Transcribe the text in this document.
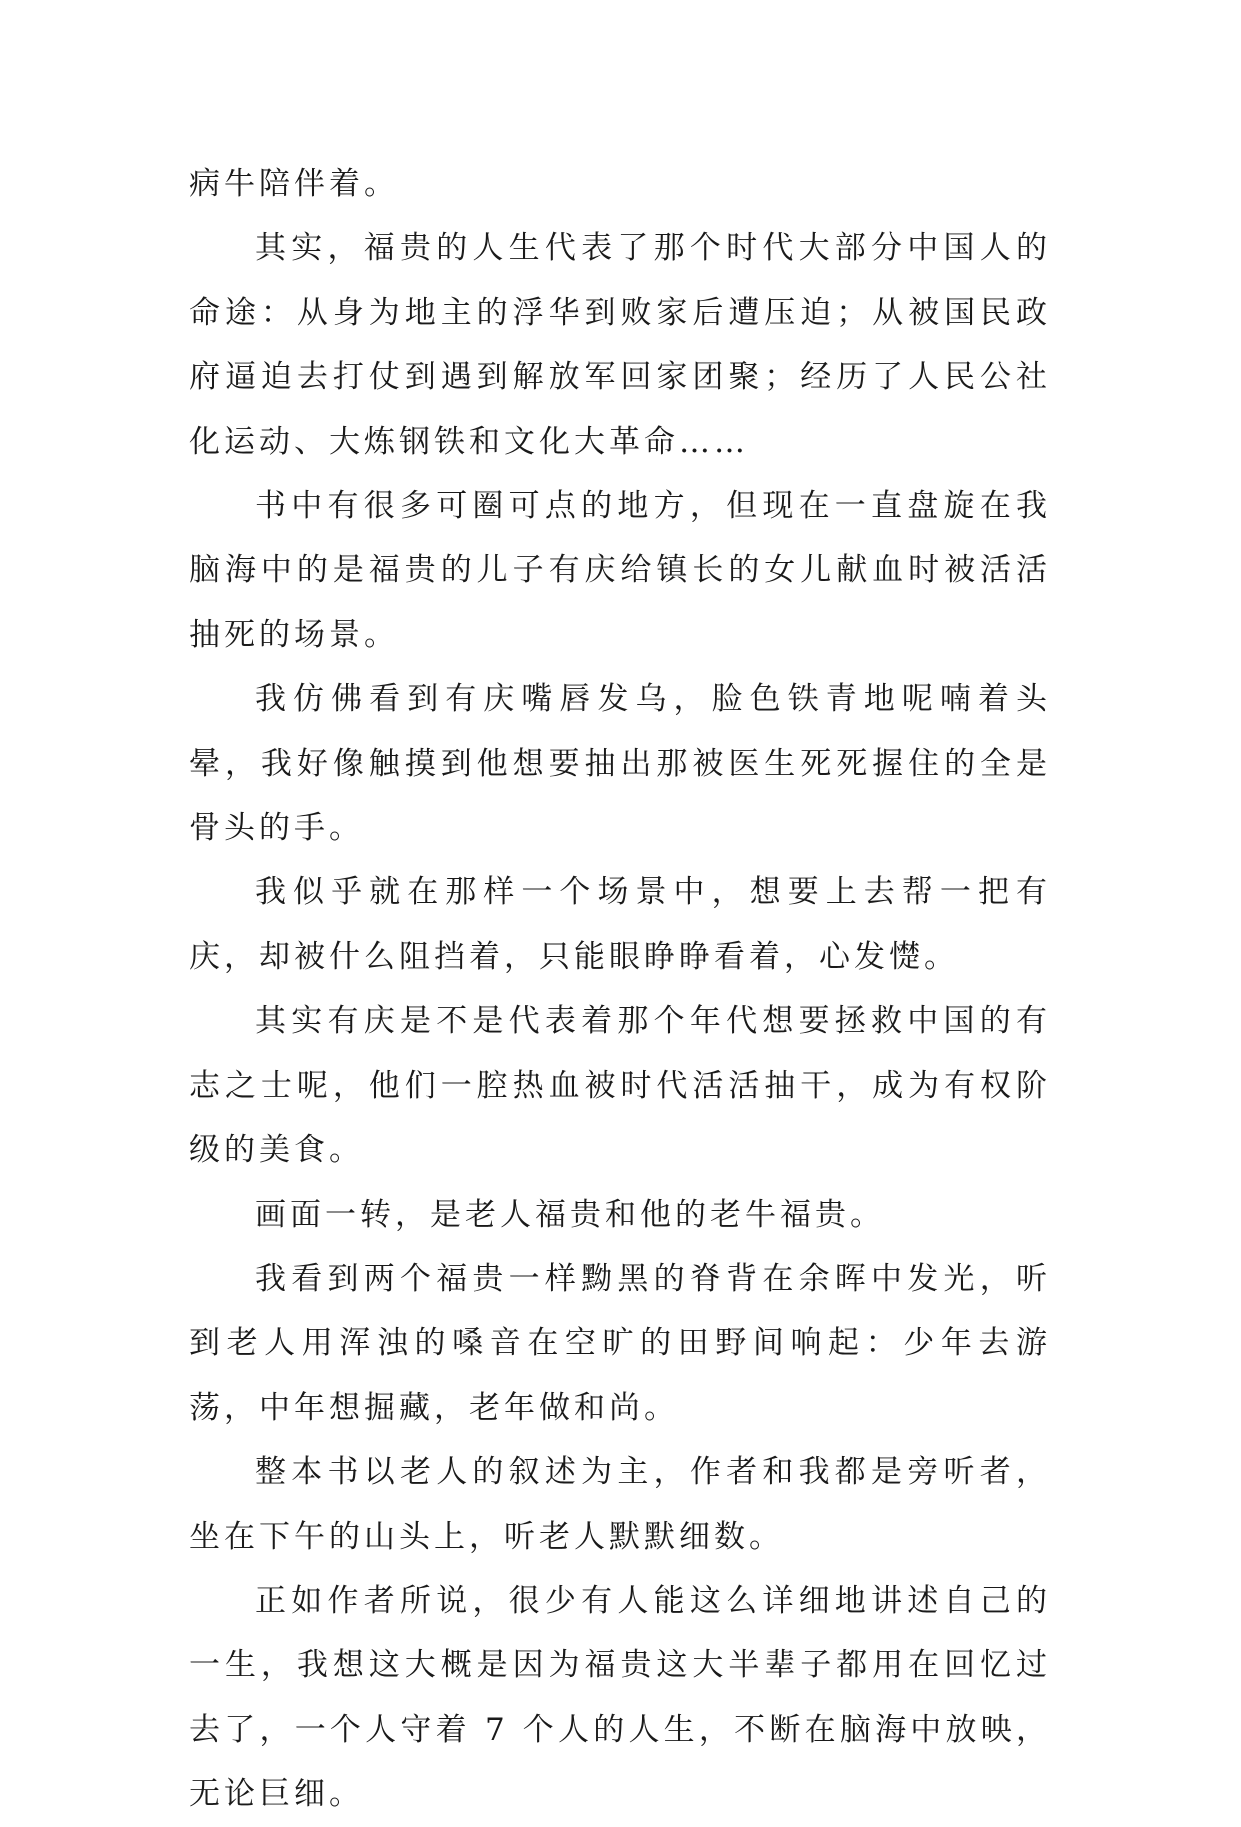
病牛陪伴着。

其实，福贵的人生代表了那个时代大部分中国人的命途：从身为地主的浮华到败家后遭压迫；从被国民政府逼迫去打仗到遇到解放军回家团聚；经历了人民公社化运动、大炼钢铁和文化大革命……

书中有很多可圈可点的地方，但现在一直盘旋在我脑海中的是福贵的儿子有庆给镇长的女儿献血时被活活抽死的场景。

我仿佛看到有庆嘴唇发乌，脸色铁青地呢喃着头晕，我好像触摸到他想要抽出那被医生死死握住的全是骨头的手。

我似乎就在那样一个场景中，想要上去帮一把有庆，却被什么阻挡着，只能眼睁睁看着，心发憷。

其实有庆是不是代表着那个年代想要拯救中国的有志之士呢，他们一腔热血被时代活活抽干，成为有权阶级的美食。

画面一转，是老人福贵和他的老牛福贵。

我看到两个福贵一样黝黑的脊背在余晖中发光，听到老人用浑浊的嗓音在空旷的田野间响起：少年去游荡，中年想掘藏，老年做和尚。

整本书以老人的叙述为主，作者和我都是旁听者，坐在下午的山头上，听老人默默细数。

正如作者所说，很少有人能这么详细地讲述自己的一生，我想这大概是因为福贵这大半辈子都用在回忆过去了，一个人守着 7 个人的人生，不断在脑海中放映，无论巨细。
